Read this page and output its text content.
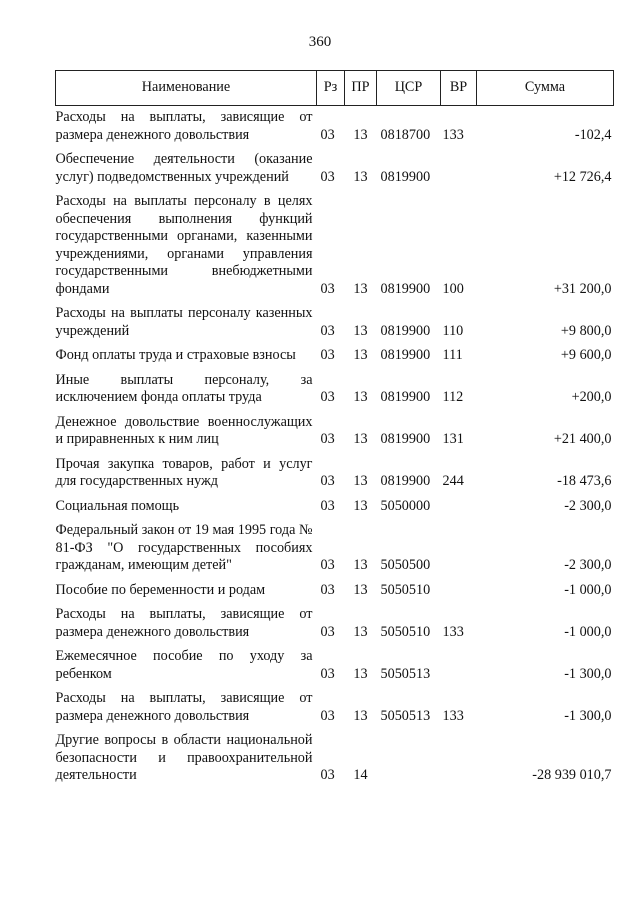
360
Наименование	Рз	ПР	ЦСР	ВР	Сумма
Расходы на выплаты, зависящие от размера денежного довольствия	03	13	0818700	133	-102,4
Обеспечение деятельности (оказание услуг) подведомственных учреждений	03	13	0819900		+12 726,4
Расходы на выплаты персоналу в целях обеспечения выполнения функций государственными органами, казенными учреждениями, органами управления государственными внебюджетными фондами	03	13	0819900	100	+31 200,0
Расходы на выплаты персоналу казенных учреждений	03	13	0819900	110	+9 800,0
Фонд оплаты труда и страховые взносы	03	13	0819900	111	+9 600,0
Иные выплаты персоналу, за исключением фонда оплаты труда	03	13	0819900	112	+200,0
Денежное довольствие военнослужащих и приравненных к ним лиц	03	13	0819900	131	+21 400,0
Прочая закупка товаров, работ и услуг для государственных нужд	03	13	0819900	244	-18 473,6
Социальная помощь	03	13	5050000		-2 300,0
Федеральный закон от 19 мая 1995 года № 81-ФЗ "О государственных пособиях гражданам, имеющим детей"	03	13	5050500		-2 300,0
Пособие по беременности и родам	03	13	5050510		-1 000,0
Расходы на выплаты, зависящие от размера денежного довольствия	03	13	5050510	133	-1 000,0
Ежемесячное пособие по уходу за ребенком	03	13	5050513		-1 300,0
Расходы на выплаты, зависящие от размера денежного довольствия	03	13	5050513	133	-1 300,0
Другие вопросы в области национальной безопасности и правоохранительной деятельности	03	14			-28 939 010,7
